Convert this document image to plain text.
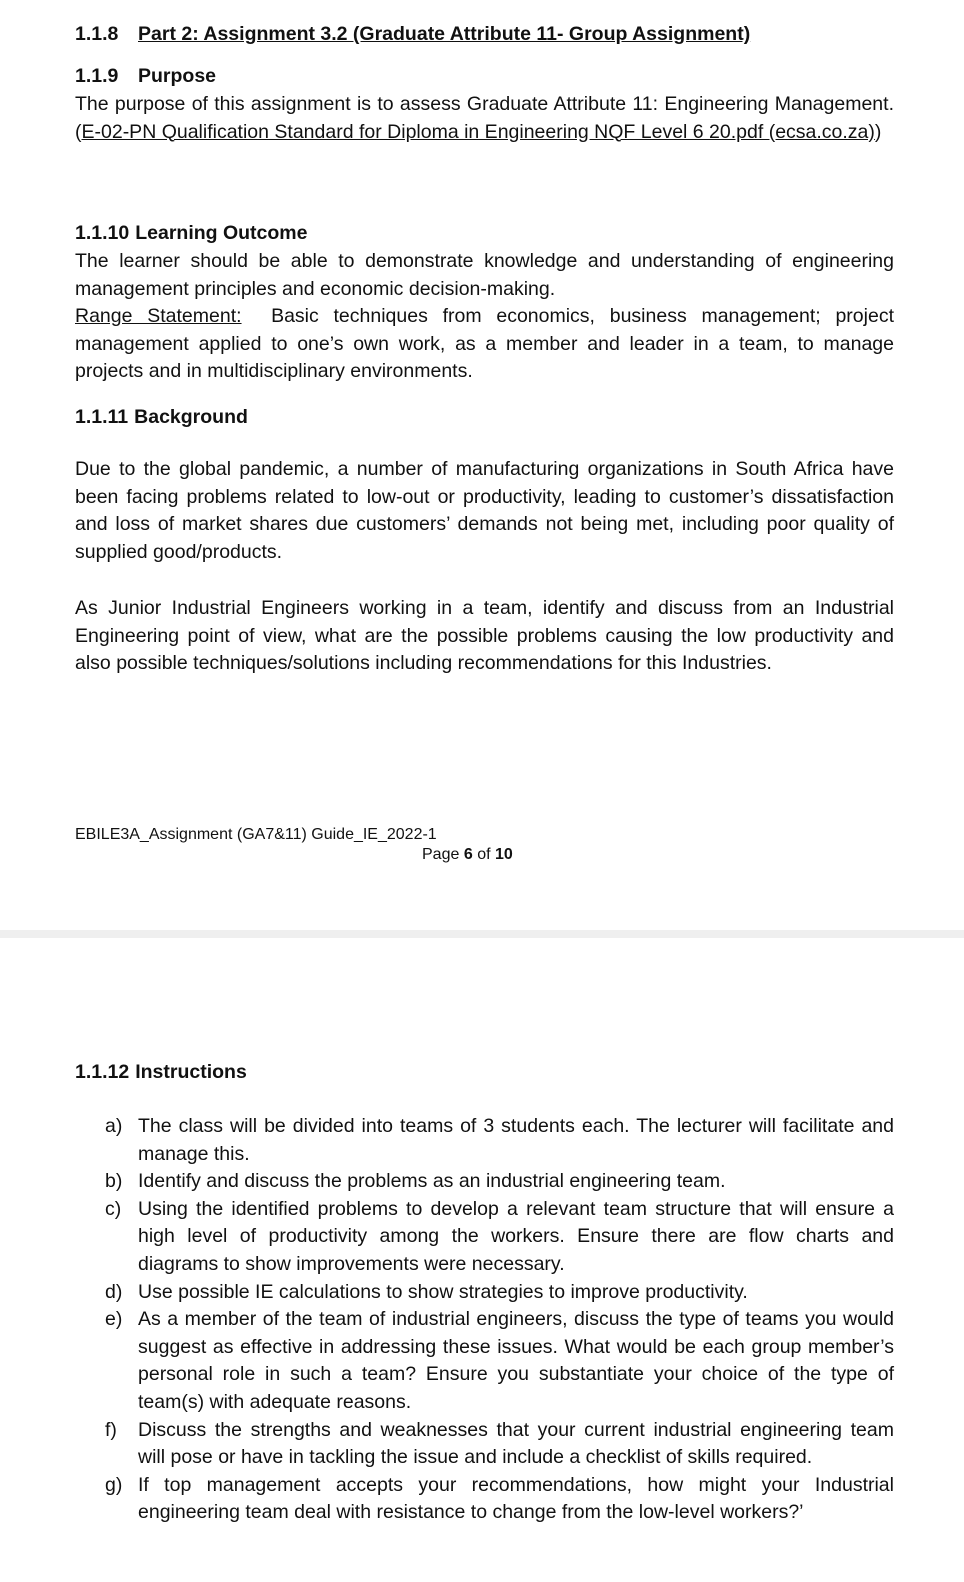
1.1.8 Part 2: Assignment 3.2 (Graduate Attribute 11- Group Assignment)
1.1.9 Purpose
The purpose of this assignment is to assess Graduate Attribute 11: Engineering Management. (E-02-PN Qualification Standard for Diploma in Engineering NQF Level 6 20.pdf (ecsa.co.za))
1.1.10 Learning Outcome
The learner should be able to demonstrate knowledge and understanding of engineering management principles and economic decision-making.
Range Statement: Basic techniques from economics, business management; project management applied to one’s own work, as a member and leader in a team, to manage projects and in multidisciplinary environments.
1.1.11 Background
Due to the global pandemic, a number of manufacturing organizations in South Africa have been facing problems related to low-out or productivity, leading to customer’s dissatisfaction and loss of market shares due customers’ demands not being met, including poor quality of supplied good/products.
As Junior Industrial Engineers working in a team, identify and discuss from an Industrial Engineering point of view, what are the possible problems causing the low productivity and also possible techniques/solutions including recommendations for this Industries.
EBILE3A_Assignment (GA7&11) Guide_IE_2022-1
Page 6 of 10
1.1.12 Instructions
a) The class will be divided into teams of 3 students each. The lecturer will facilitate and manage this.
b) Identify and discuss the problems as an industrial engineering team.
c) Using the identified problems to develop a relevant team structure that will ensure a high level of productivity among the workers. Ensure there are flow charts and diagrams to show improvements were necessary.
d) Use possible IE calculations to show strategies to improve productivity.
e) As a member of the team of industrial engineers, discuss the type of teams you would suggest as effective in addressing these issues. What would be each group member’s personal role in such a team? Ensure you substantiate your choice of the type of team(s) with adequate reasons.
f) Discuss the strengths and weaknesses that your current industrial engineering team will pose or have in tackling the issue and include a checklist of skills required.
g) If top management accepts your recommendations, how might your Industrial engineering team deal with resistance to change from the low-level workers?’
